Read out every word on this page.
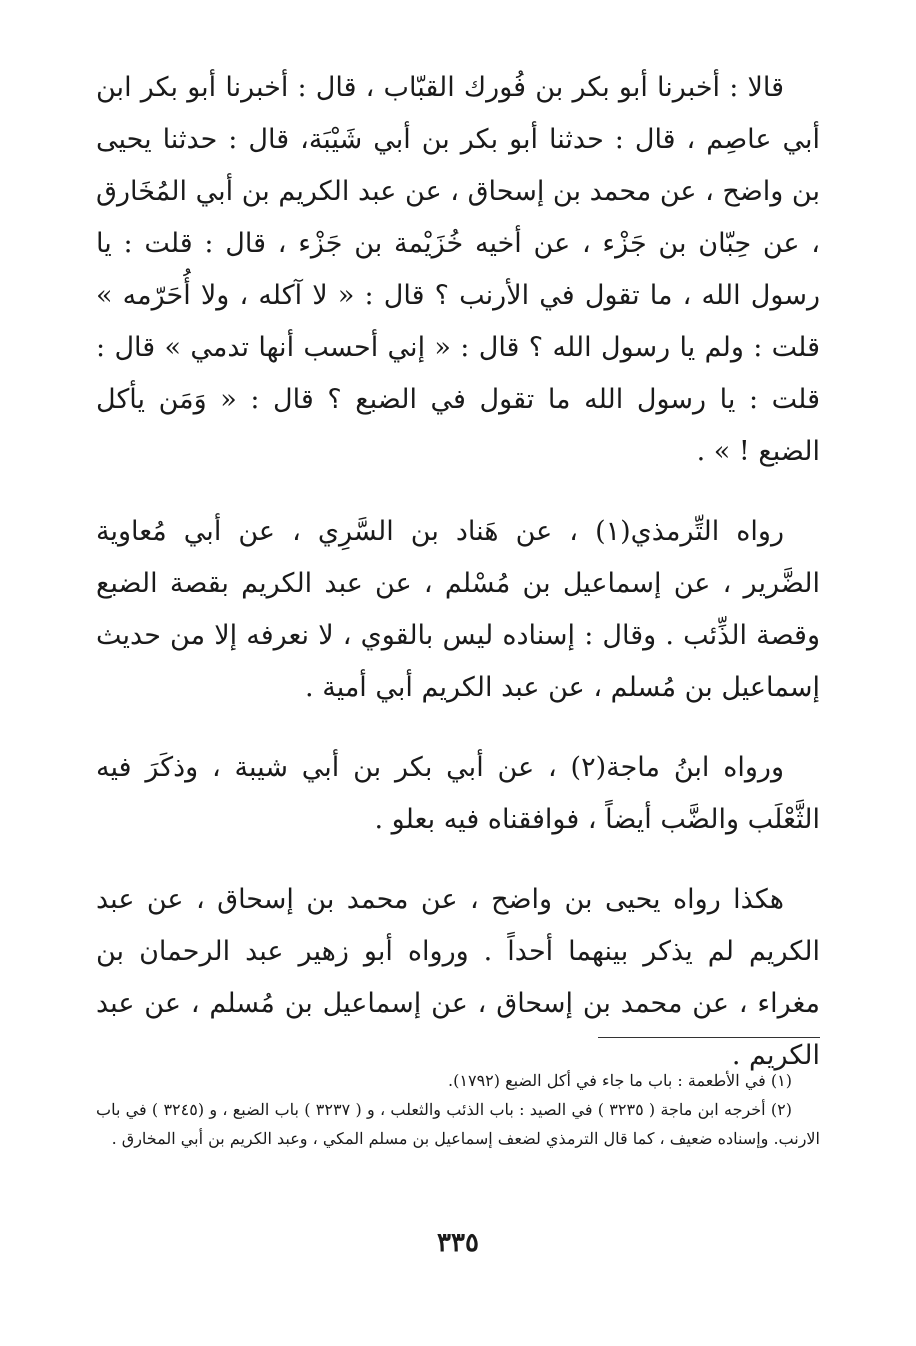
قالا : أخبرنا أبو بكر بن فُورك القبّاب ، قال : أخبرنا أبو بكر ابن أبي عاصِم ، قال : حدثنا أبو بكر بن أبي شَيْبَة، قال : حدثنا يحيى بن واضح ، عن محمد بن إسحاق ، عن عبد الكريم بن أبي المُخَارق ، عن حِبّان بن جَزْء ، عن أخيه خُزَيْمة بن جَزْء ، قال : قلت : يا رسول الله ، ما تقول في الأرنب ؟ قال : « لا آكله ، ولا أُحَرّمه » قلت : ولم يا رسول الله ؟ قال : « إني أحسب أنها تدمي » قال : قلت : يا رسول الله ما تقول في الضبع ؟ قال : « وَمَن يأكل الضبع ! » .

رواه التِّرمذي(١) ، عن هَناد بن السَّرِي ، عن أبي مُعاوية الضَّرير ، عن إسماعيل بن مُسْلم ، عن عبد الكريم بقصة الضبع وقصة الذِّئب . وقال : إسناده ليس بالقوي ، لا نعرفه إلا من حديث إسماعيل بن مُسلم ، عن عبد الكريم أبي أمية .

ورواه ابنُ ماجة(٢) ، عن أبي بكر بن أبي شيبة ، وذكَرَ فيه الثَّعْلَب والضَّب أيضاً ، فوافقناه فيه بعلو .

هكذا رواه يحيى بن واضح ، عن محمد بن إسحاق ، عن عبد الكريم لم يذكر بينهما أحداً . ورواه أبو زهير عبد الرحمان بن مغراء ، عن محمد بن إسحاق ، عن إسماعيل بن مُسلم ، عن عبد الكريم .

(١) في الأطعمة : باب ما جاء في أكل الضبع (١٧٩٢).

(٢) أخرجه ابن ماجة ( ٣٢٣٥ ) في الصيد : باب الذئب والثعلب ، و ( ٣٢٣٧ ) باب الضبع ، و (٣٢٤٥ ) في باب الارنب. وإسناده ضعيف ، كما قال الترمذي لضعف إسماعيل بن مسلم المكي ، وعبد الكريم بن أبي المخارق .

٣٣٥
